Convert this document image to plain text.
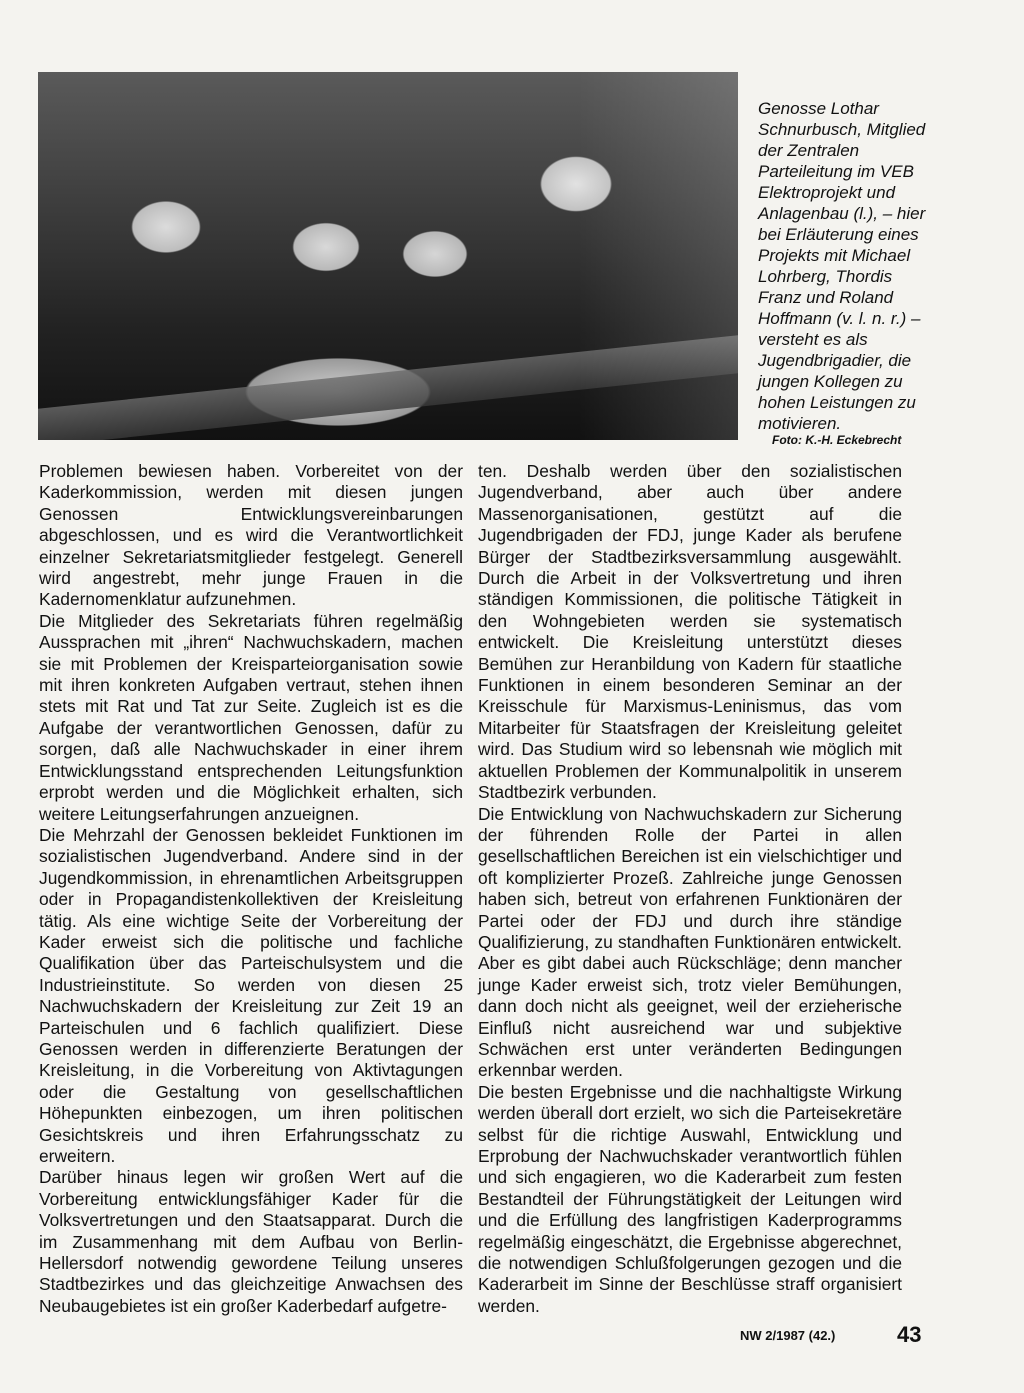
Genosse Lothar Schnurbusch, Mitglied der Zentralen Parteileitung im VEB Elektroprojekt und Anlagenbau (l.), – hier bei Erläuterung eines Projekts mit Michael Lohrberg, Thordis Franz und Roland Hoffmann (v. l. n. r.) – versteht es als Jugendbrigadier, die jungen Kollegen zu hohen Leistungen zu motivieren.
Foto: K.-H. Eckebrecht

Problemen bewiesen haben. Vorbereitet von der Kaderkommission, werden mit diesen jungen Genossen Entwicklungsvereinbarungen abgeschlossen, und es wird die Verantwortlichkeit einzelner Sekretariatsmitglieder festgelegt. Generell wird angestrebt, mehr junge Frauen in die Kadernomenklatur aufzunehmen.

Die Mitglieder des Sekretariats führen regelmäßig Aussprachen mit „ihren“ Nachwuchskadern, machen sie mit Problemen der Kreisparteiorganisation sowie mit ihren konkreten Aufgaben vertraut, stehen ihnen stets mit Rat und Tat zur Seite. Zugleich ist es die Aufgabe der verantwortlichen Genossen, dafür zu sorgen, daß alle Nachwuchskader in einer ihrem Entwicklungsstand entsprechenden Leitungsfunktion erprobt werden und die Möglichkeit erhalten, sich weitere Leitungserfahrungen anzueignen.

Die Mehrzahl der Genossen bekleidet Funktionen im sozialistischen Jugendverband. Andere sind in der Jugendkommission, in ehrenamtlichen Arbeitsgruppen oder in Propagandistenkollektiven der Kreisleitung tätig. Als eine wichtige Seite der Vorbereitung der Kader erweist sich die politische und fachliche Qualifikation über das Parteischulsystem und die Industrieinstitute. So werden von diesen 25 Nachwuchskadern der Kreisleitung zur Zeit 19 an Parteischulen und 6 fachlich qualifiziert. Diese Genossen werden in differenzierte Beratungen der Kreisleitung, in die Vorbereitung von Aktivtagungen oder die Gestaltung von gesellschaftlichen Höhepunkten einbezogen, um ihren politischen Gesichtskreis und ihren Erfahrungsschatz zu erweitern.

Darüber hinaus legen wir großen Wert auf die Vorbereitung entwicklungsfähiger Kader für die Volksvertretungen und den Staatsapparat. Durch die im Zusammenhang mit dem Aufbau von Berlin-Hellersdorf notwendig gewordene Teilung unseres Stadtbezirkes und das gleichzeitige Anwachsen des Neubaugebietes ist ein großer Kaderbedarf aufgetre-

ten. Deshalb werden über den sozialistischen Jugendverband, aber auch über andere Massenorganisationen, gestützt auf die Jugendbrigaden der FDJ, junge Kader als berufene Bürger der Stadtbezirksversammlung ausgewählt. Durch die Arbeit in der Volksvertretung und ihren ständigen Kommissionen, die politische Tätigkeit in den Wohngebieten werden sie systematisch entwickelt. Die Kreisleitung unterstützt dieses Bemühen zur Heranbildung von Kadern für staatliche Funktionen in einem besonderen Seminar an der Kreisschule für Marxismus-Leninismus, das vom Mitarbeiter für Staatsfragen der Kreisleitung geleitet wird. Das Studium wird so lebensnah wie möglich mit aktuellen Problemen der Kommunalpolitik in unserem Stadtbezirk verbunden.

Die Entwicklung von Nachwuchskadern zur Sicherung der führenden Rolle der Partei in allen gesellschaftlichen Bereichen ist ein vielschichtiger und oft komplizierter Prozeß. Zahlreiche junge Genossen haben sich, betreut von erfahrenen Funktionären der Partei oder der FDJ und durch ihre ständige Qualifizierung, zu standhaften Funktionären entwickelt. Aber es gibt dabei auch Rückschläge; denn mancher junge Kader erweist sich, trotz vieler Bemühungen, dann doch nicht als geeignet, weil der erzieherische Einfluß nicht ausreichend war und subjektive Schwächen erst unter veränderten Bedingungen erkennbar werden.

Die besten Ergebnisse und die nachhaltigste Wirkung werden überall dort erzielt, wo sich die Parteisekretäre selbst für die richtige Auswahl, Entwicklung und Erprobung der Nachwuchskader verantwortlich fühlen und sich engagieren, wo die Kaderarbeit zum festen Bestandteil der Führungstätigkeit der Leitungen wird und die Erfüllung des langfristigen Kaderprogramms regelmäßig eingeschätzt, die Ergebnisse abgerechnet, die notwendigen Schlußfolgerungen gezogen und die Kaderarbeit im Sinne der Beschlüsse straff organisiert werden.

NW 2/1987 (42.)	43
